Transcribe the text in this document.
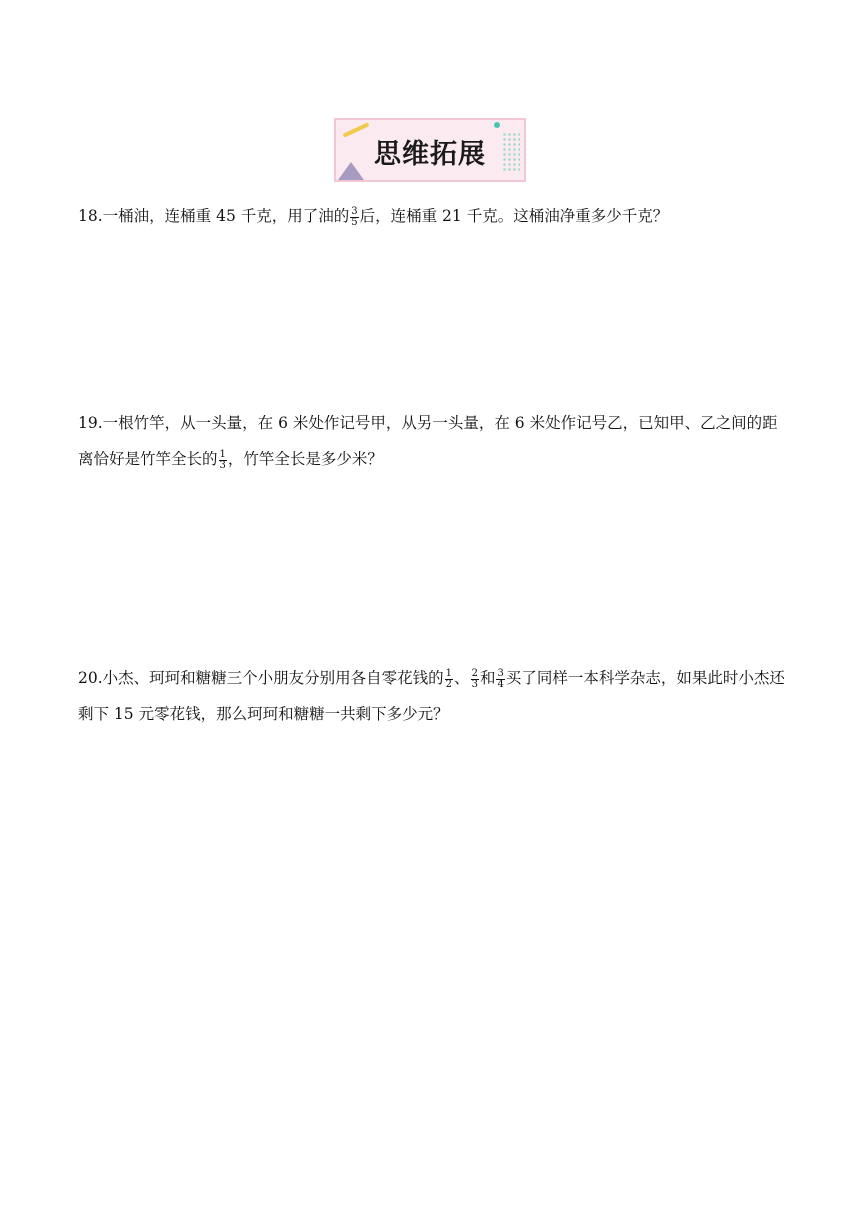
思维拓展

18.一桶油，连桶重 45 千克，用了油的 $\frac{3}{5}$ 后，连桶重 21 千克。这桶油净重多少千克？

19.一根竹竿，从一头量，在 6 米处作记号甲，从另一头量，在 6 米处作记号乙，已知甲、乙之间的距离恰好是竹竿全长的 $\frac{1}{3}$ ，竹竿全长是多少米？

20.小杰、珂珂和糖糖三个小朋友分别用各自零花钱的 $\frac{1}{2}$ 、 $\frac{2}{3}$ 和 $\frac{3}{4}$ 买了同样一本科学杂志，如果此时小杰还剩下 15 元零花钱，那么珂珂和糖糖一共剩下多少元？
